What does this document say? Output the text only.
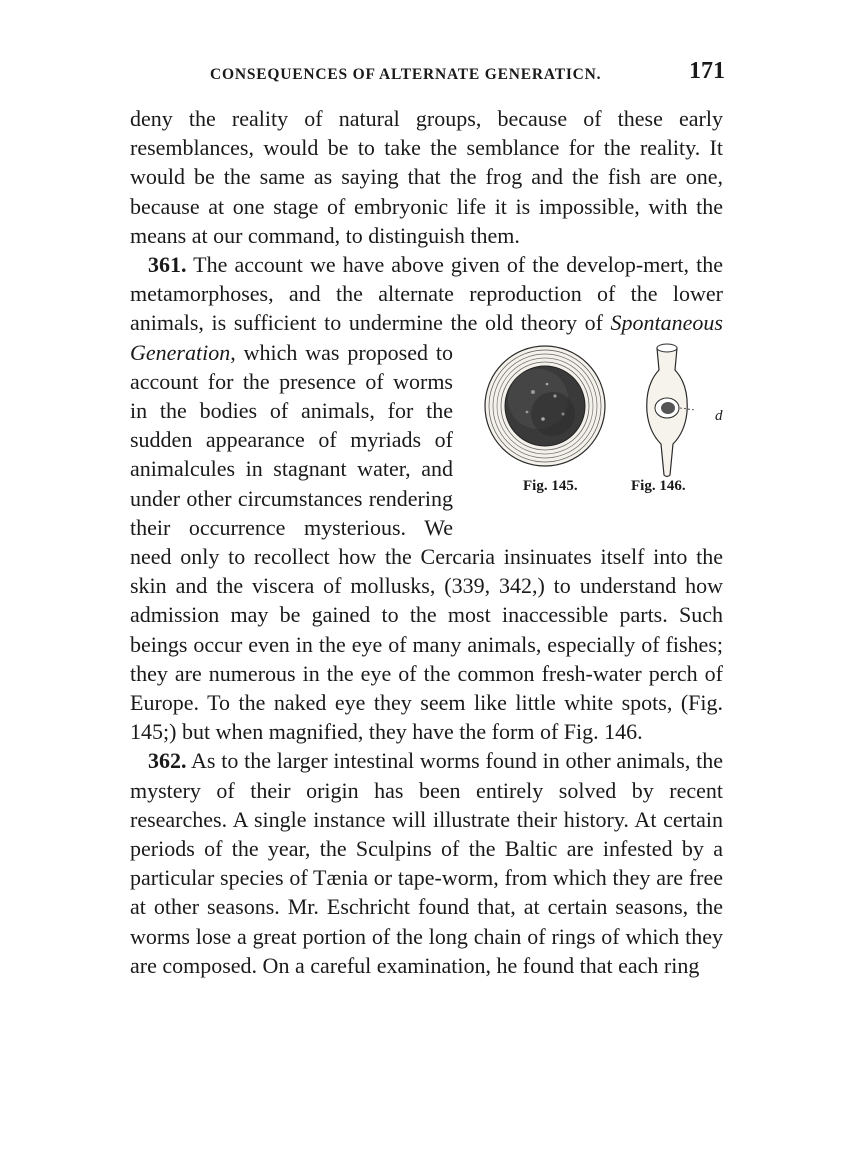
CONSEQUENCES OF ALTERNATE GENERATICN.	171

deny the reality of natural groups, because of these early resemblances, would be to take the semblance for the reality. It would be the same as saying that the frog and the fish are one, because at one stage of embryonic life it is impossible, with the means at our command, to distinguish them.

361. The account we have above given of the develop-mert, the metamorphoses, and the alternate reproduction of the lower animals, is sufficient to undermine the old theory of Spontaneous Generation
d
Fig. 145.	Fig. 146.
, which was proposed to account for the presence of worms in the bodies of animals, for the sudden appearance of myriads of animalcules in stagnant water, and under other circumstances rendering their occurrence mysterious. We need only to recollect how the Cercaria insinuates itself into the skin and the viscera of mollusks, (339, 342,) to understand how admission may be gained to the most inaccessible parts. Such beings occur even in the eye of many animals, especially of fishes; they are numerous in the eye of the common fresh-water perch of Europe. To the naked eye they seem like little white spots, (Fig. 145;) but when magnified, they have the form of Fig. 146.

362. As to the larger intestinal worms found in other animals, the mystery of their origin has been entirely solved by recent researches. A single instance will illustrate their history. At certain periods of the year, the Sculpins of the Baltic are infested by a particular species of Tænia or tape-worm, from which they are free at other seasons. Mr. Eschricht found that, at certain seasons, the worms lose a great portion of the long chain of rings of which they are composed. On a careful examination, he found that each ring
